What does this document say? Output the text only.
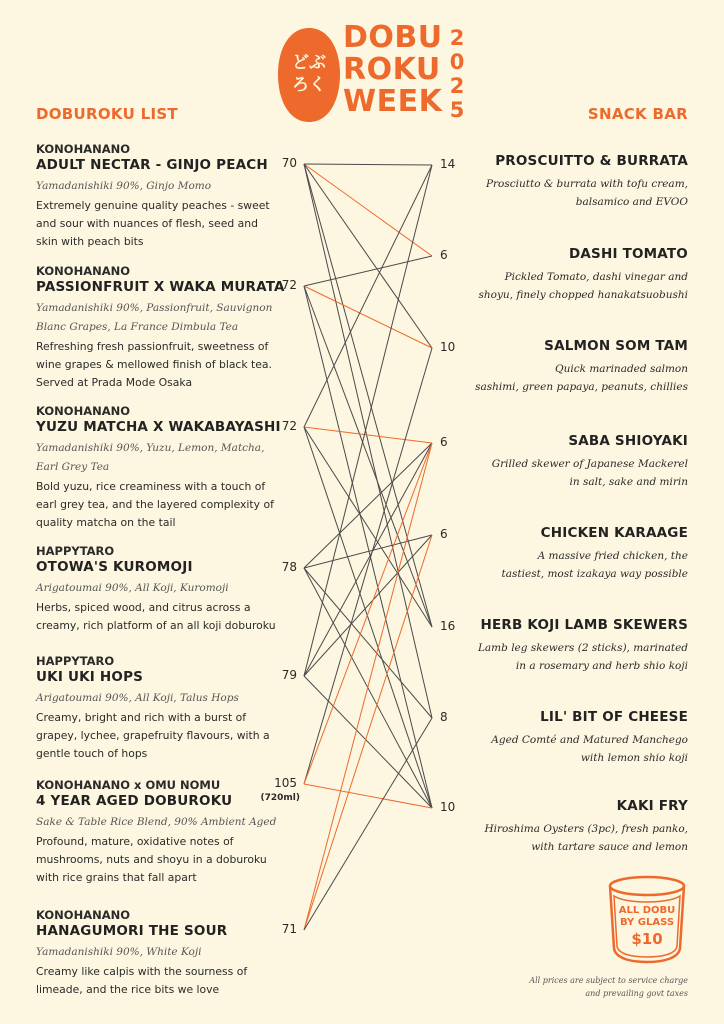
どぶ
ろく
DOBU
ROKU
WEEK
2
0
2
5
DOBUROKU LIST	SNACK BAR
KONOHANANO
ADULT NECTAR - GINJO PEACH
Yamadanishiki 90%, Ginjo Momo
Extremely genuine quality peaches - sweet
and sour with nuances of flesh, seed and
skin with peach bits
70
KONOHANANO
PASSIONFRUIT X WAKA MURATA
Yamadanishiki 90%, Passionfruit, Sauvignon
Blanc Grapes, La France Dimbula Tea
Refreshing fresh passionfruit, sweetness of
wine grapes & mellowed finish of black tea.
Served at Prada Mode Osaka
72
KONOHANANO
YUZU MATCHA X WAKABAYASHI
Yamadanishiki 90%, Yuzu, Lemon, Matcha,
Earl Grey Tea
Bold yuzu, rice creaminess with a touch of
earl grey tea, and the layered complexity of
quality matcha on the tail
72
HAPPYTARO
OTOWA'S KUROMOJI
Arigatoumai 90%, All Koji, Kuromoji
Herbs, spiced wood, and citrus across a
creamy, rich platform of an all koji doburoku
78
HAPPYTARO
UKI UKI HOPS
Arigatoumai 90%, All Koji, Talus Hops
Creamy, bright and rich with a burst of
grapey, lychee, grapefruity flavours, with a
gentle touch of hops
79
KONOHANANO x OMU NOMU
4 YEAR AGED DOBUROKU
Sake & Table Rice Blend, 90% Ambient Aged
Profound, mature, oxidative notes of
mushrooms, nuts and shoyu in a doburoku
with rice grains that fall apart
105
(720ml)
KONOHANANO
HANAGUMORI THE SOUR
Yamadanishiki 90%, White Koji
Creamy like calpis with the sourness of
limeade, and the rice bits we love
71
14	PROSCUITTO & BURRATA
Prosciutto & burrata with tofu cream,
balsamico and EVOO
6	DASHI TOMATO
Pickled Tomato, dashi vinegar and
shoyu, finely chopped hanakatsuobushi
10	SALMON SOM TAM
Quick marinaded salmon
sashimi, green papaya, peanuts, chillies
6	SABA SHIOYAKI
Grilled skewer of Japanese Mackerel
in salt, sake and mirin
6	CHICKEN KARAAGE
A massive fried chicken, the
tastiest, most izakaya way possible
16	HERB KOJI LAMB SKEWERS
Lamb leg skewers (2 sticks), marinated
in a rosemary and herb shio koji
8	LIL' BIT OF CHEESE
Aged Comté and Matured Manchego
with lemon shio koji
10	KAKI FRY
Hiroshima Oysters (3pc), fresh panko,
with tartare sauce and lemon
ALL DOBU
BY GLASS
$10
All prices are subject to service charge
and prevailing govt taxes
